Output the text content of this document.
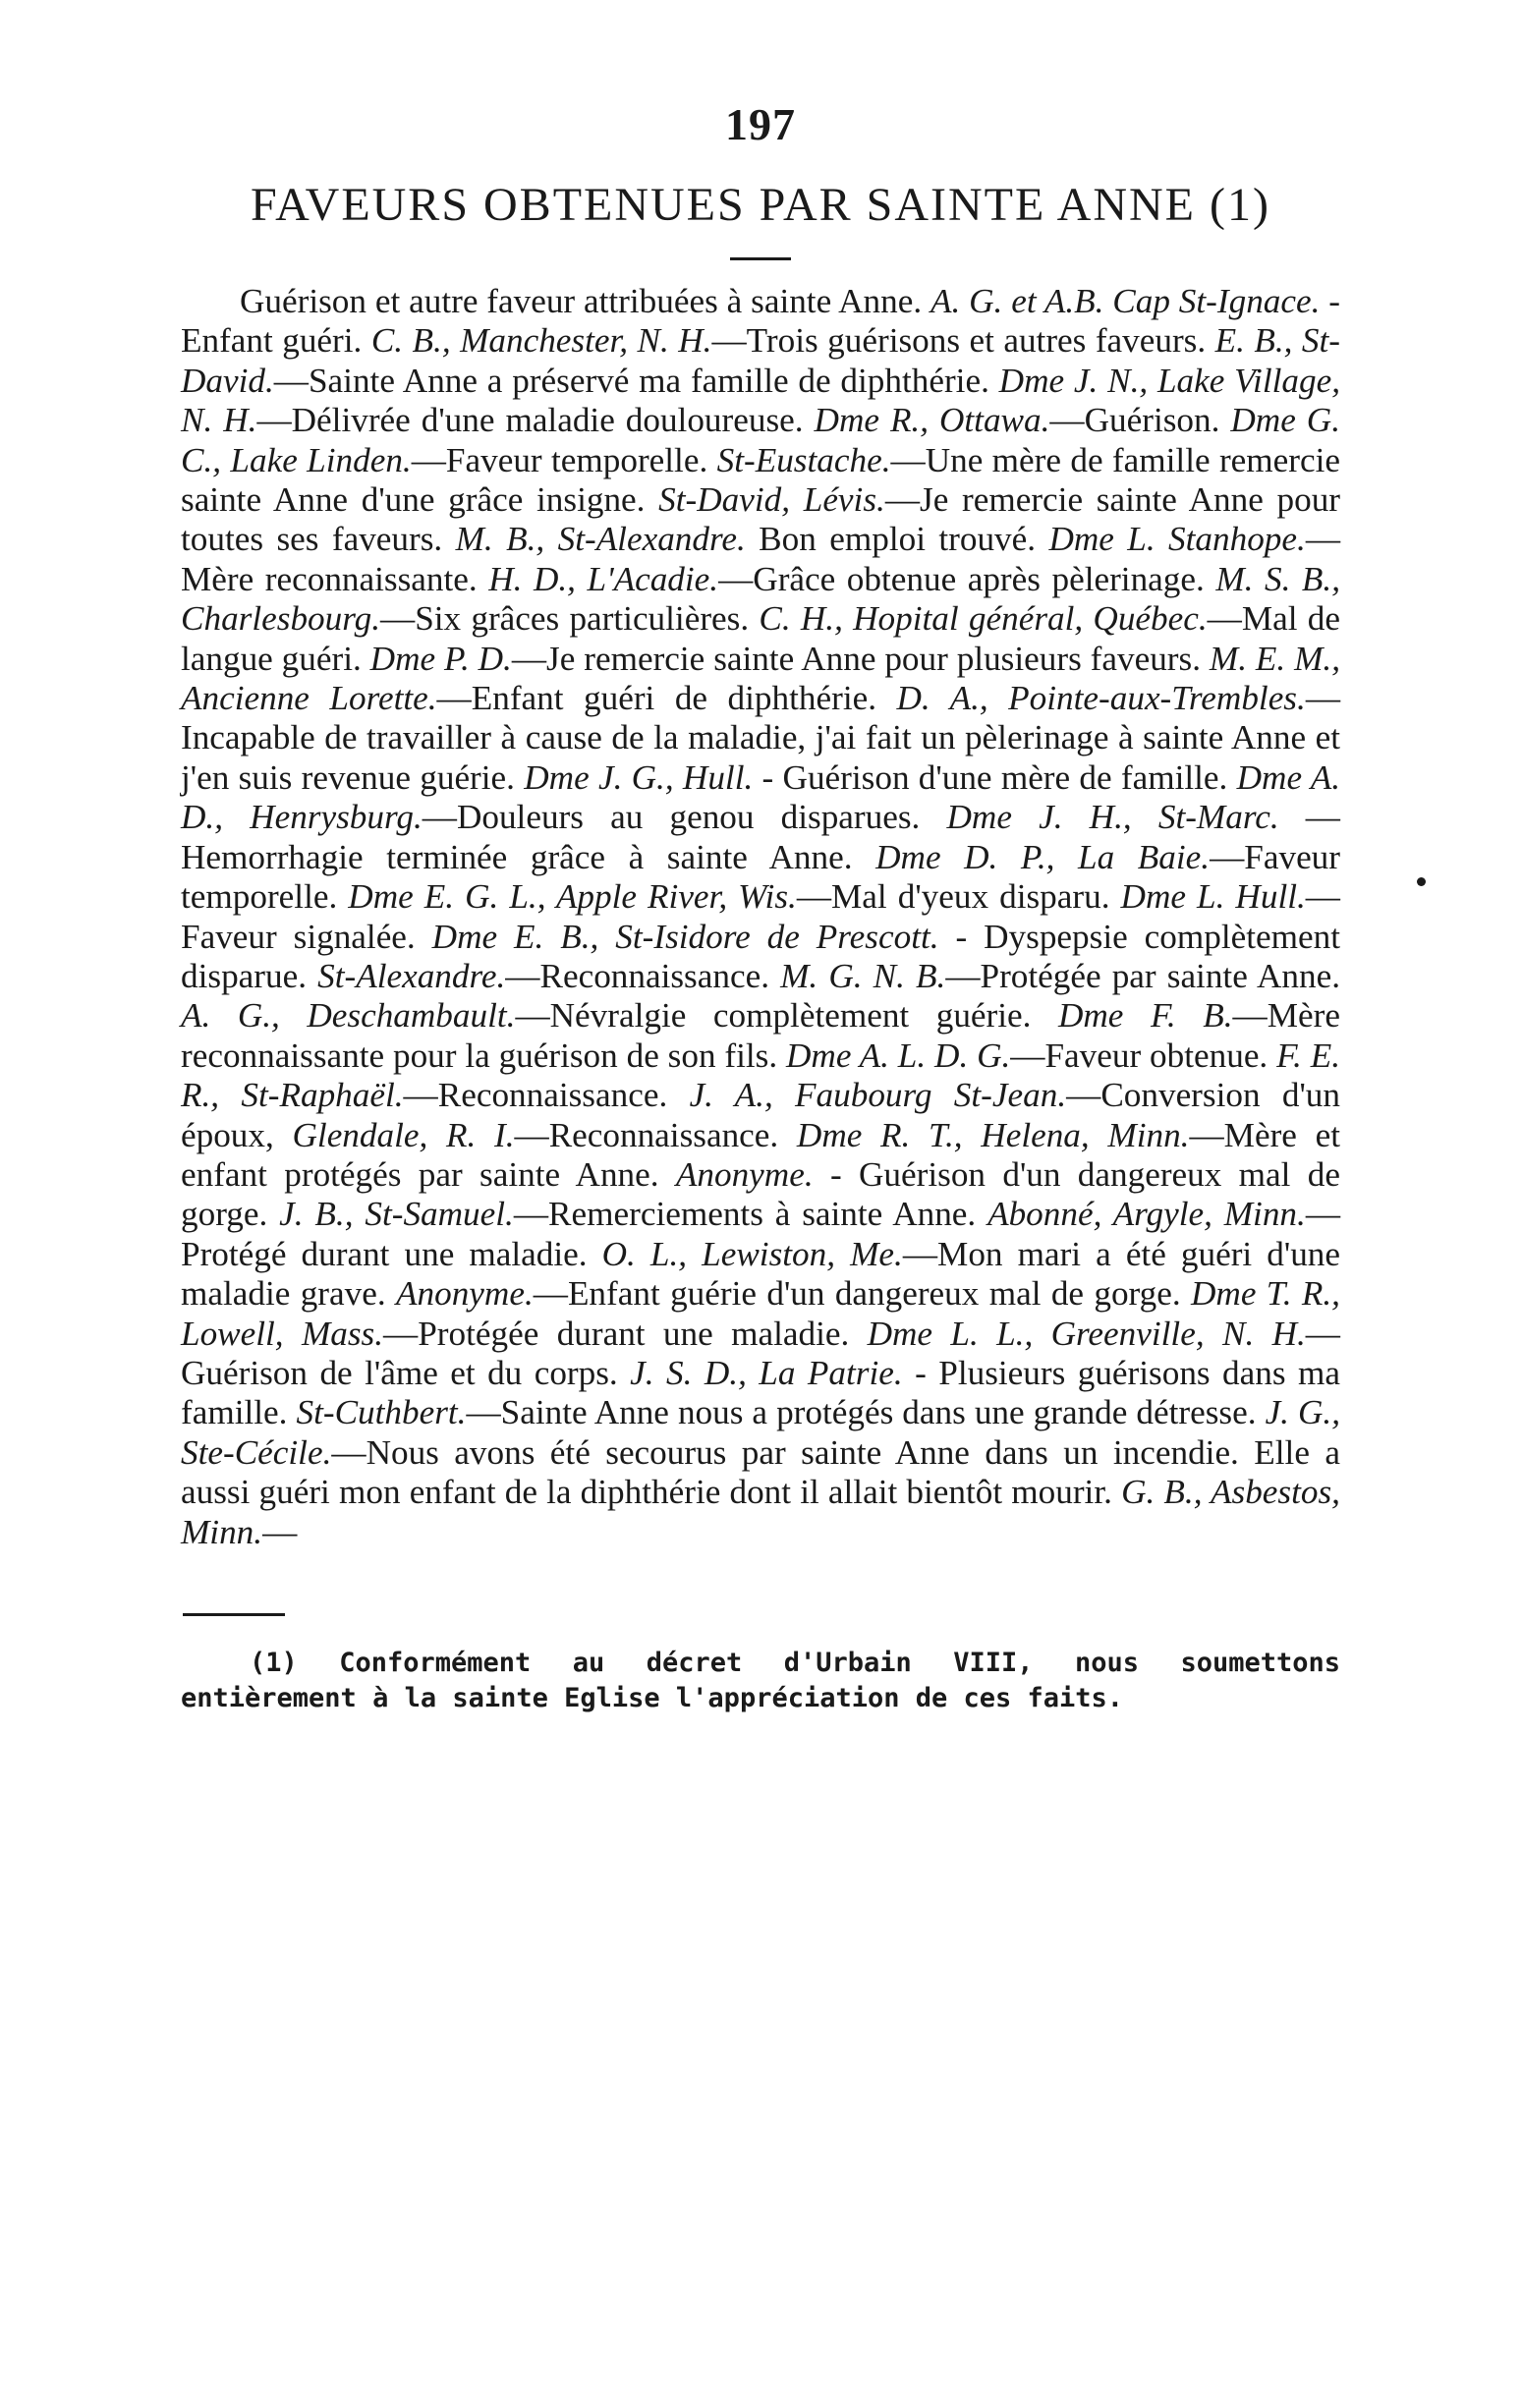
197
FAVEURS OBTENUES PAR SAINTE ANNE (1)

Guérison et autre faveur attribuées à sainte Anne. A. G. et A.B. Cap St-Ignace. - Enfant guéri. C. B., Manchester, N. H.—Trois guérisons et autres faveurs. E. B., St-David.—Sainte Anne a préservé ma famille de diphthérie. Dme J. N., Lake Village, N. H.—Délivrée d'une maladie douloureuse. Dme R., Ottawa.—Guérison. Dme G. C., Lake Linden.—Faveur temporelle. St-Eustache.—Une mère de famille remercie sainte Anne d'une grâce insigne. St-David, Lévis.—Je remercie sainte Anne pour toutes ses faveurs. M. B., St-Alexandre. Bon emploi trouvé. Dme L. Stanhope.—Mère reconnaissante. H. D., L'Acadie.—Grâce obtenue après pèlerinage. M. S. B., Charlesbourg.—Six grâces particulières. C. H., Hopital général, Québec.—Mal de langue guéri. Dme P. D.—Je remercie sainte Anne pour plusieurs faveurs. M. E. M., Ancienne Lorette.—Enfant guéri de diphthérie. D. A., Pointe-aux-Trembles.—Incapable de travailler à cause de la maladie, j'ai fait un pèlerinage à sainte Anne et j'en suis revenue guérie. Dme J. G., Hull. - Guérison d'une mère de famille. Dme A. D., Henrysburg.—Douleurs au genou disparues. Dme J. H., St-Marc. —Hemorrhagie terminée grâce à sainte Anne. Dme D. P., La Baie.—Faveur temporelle. Dme E. G. L., Apple River, Wis.—Mal d'yeux disparu. Dme L. Hull.—Faveur signalée. Dme E. B., St-Isidore de Prescott. - Dyspepsie complètement disparue. St-Alexandre.—Reconnaissance. M. G. N. B.—Protégée par sainte Anne. A. G., Deschambault.—Névralgie complètement guérie. Dme F. B.—Mère reconnaissante pour la guérison de son fils. Dme A. L. D. G.—Faveur obtenue. F. E. R., St-Raphaël.—Reconnaissance. J. A., Faubourg St-Jean.—Conversion d'un époux, Glendale, R. I.—Reconnaissance. Dme R. T., Helena, Minn.—Mère et enfant protégés par sainte Anne. Anonyme. - Guérison d'un dangereux mal de gorge. J. B., St-Samuel.—Remerciements à sainte Anne. Abonné, Argyle, Minn.—Protégé durant une maladie. O. L., Lewiston, Me.—Mon mari a été guéri d'une maladie grave. Anonyme.—Enfant guérie d'un dangereux mal de gorge. Dme T. R., Lowell, Mass.—Protégée durant une maladie. Dme L. L., Greenville, N. H.—Guérison de l'âme et du corps. J. S. D., La Patrie. - Plusieurs guérisons dans ma famille. St-Cuthbert.—Sainte Anne nous a protégés dans une grande détresse. J. G., Ste-Cécile.—Nous avons été secourus par sainte Anne dans un incendie. Elle a aussi guéri mon enfant de la diphthérie dont il allait bientôt mourir. G. B., Asbestos, Minn.—

(1) Conformément au décret d'Urbain VIII, nous soumettons entièrement à la sainte Eglise l'appréciation de ces faits.
